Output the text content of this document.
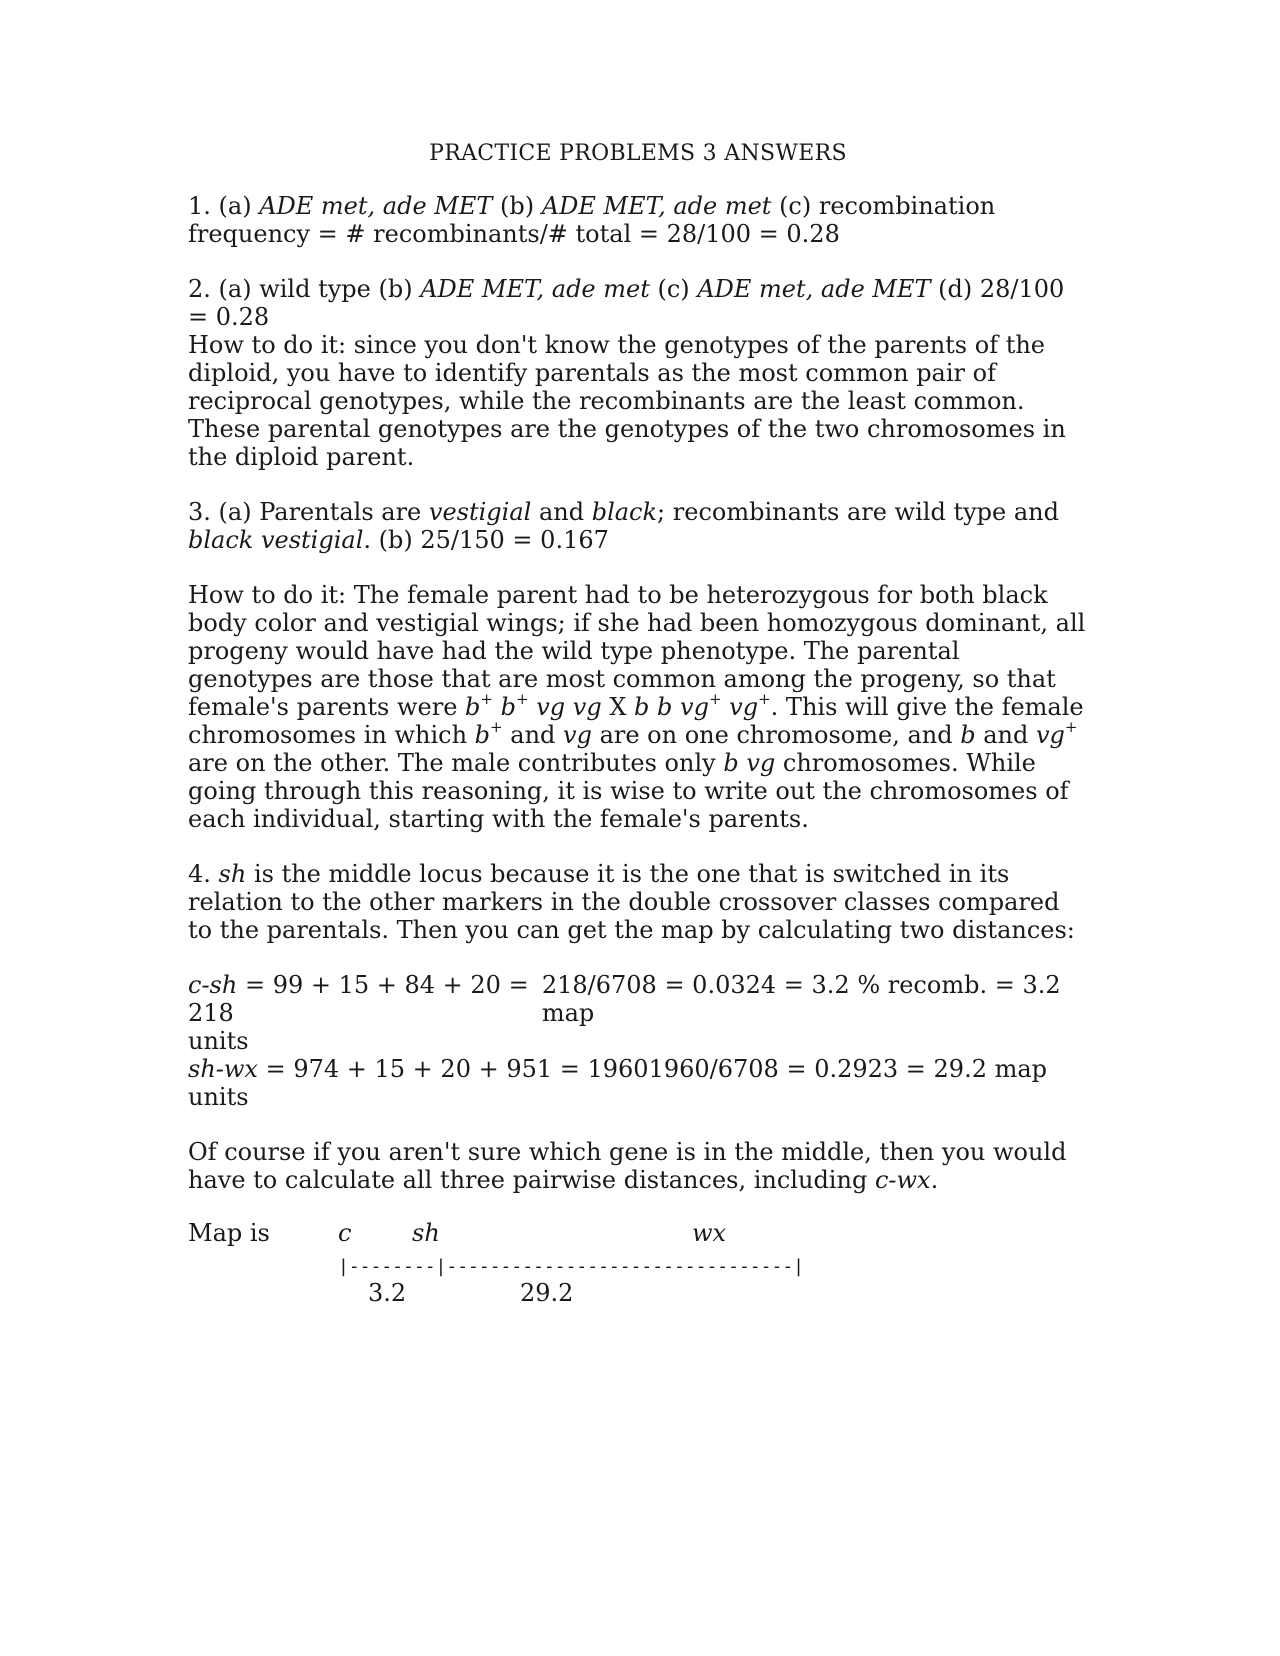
PRACTICE PROBLEMS 3 ANSWERS

1. (a) ADE met, ade MET (b) ADE MET, ade met (c) recombination frequency = # recombinants/# total = 28/100 = 0.28

2. (a) wild type (b) ADE MET, ade met (c) ADE met, ade MET (d) 28/100 = 0.28
How to do it: since you don't know the genotypes of the parents of the diploid, you have to identify parentals as the most common pair of reciprocal genotypes, while the recombinants are the least common. These parental genotypes are the genotypes of the two chromosomes in the diploid parent.

3. (a) Parentals are vestigial and black; recombinants are wild type and black vestigial. (b) 25/150 = 0.167

How to do it: The female parent had to be heterozygous for both black body color and vestigial wings; if she had been homozygous dominant, all progeny would have had the wild type phenotype. The parental genotypes are those that are most common among the progeny, so that female's parents were b+ b+ vg vg X b b vg+ vg+. This will give the female chromosomes in which b+ and vg are on one chromosome, and b and vg+ are on the other. The male contributes only b vg chromosomes. While going through this reasoning, it is wise to write out the chromosomes of each individual, starting with the female's parents.

4. sh is the middle locus because it is the one that is switched in its relation to the other markers in the double crossover classes compared to the parentals. Then you can get the map by calculating two distances:

c-sh = 99 + 15 + 84 + 20 = 218
218/6708 = 0.0324 = 3.2 % recomb. = 3.2 map
units
sh-wx = 974 + 15 + 20 + 951 = 19601960/6708 = 0.2923 = 29.2 map units

Of course if you aren't sure which gene is in the middle, then you would have to calculate all three pairwise distances, including c-wx.

Map is	c	sh	wx
|--------|--------------------------------|
3.2	29.2
